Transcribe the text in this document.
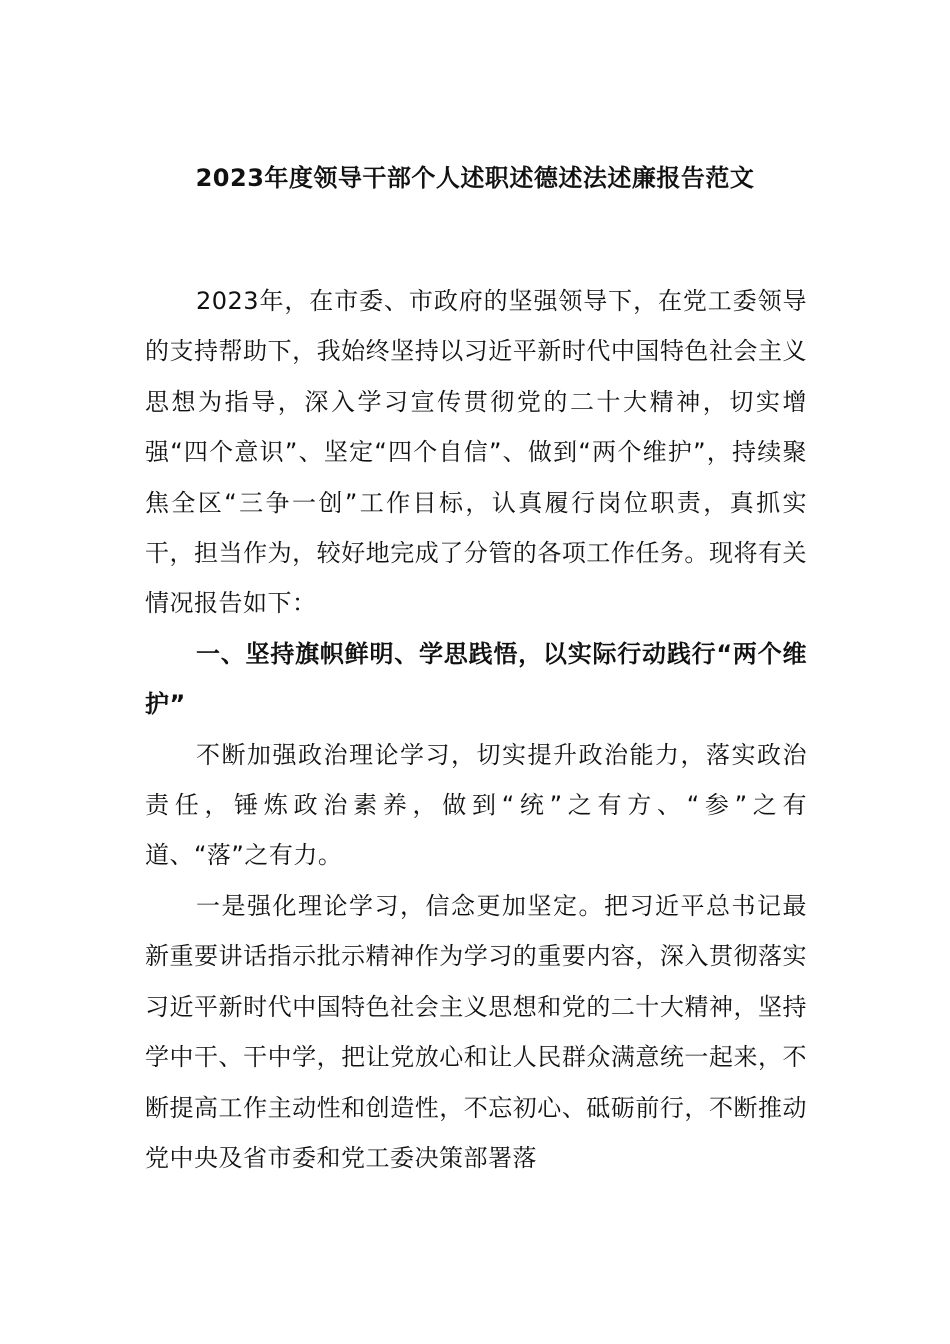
2023年度领导干部个人述职述德述法述廉报告范文

2023年，在市委、市政府的坚强领导下，在党工委领导的支持帮助下，我始终坚持以习近平新时代中国特色社会主义思想为指导，深入学习宣传贯彻党的二十大精神，切实增强“四个意识”、坚定“四个自信”、做到“两个维护”，持续聚焦全区“三争一创”工作目标，认真履行岗位职责，真抓实干，担当作为，较好地完成了分管的各项工作任务。现将有关情况报告如下：

一、坚持旗帜鲜明、学思践悟，以实际行动践行“两个维护”

不断加强政治理论学习，切实提升政治能力，落实政治责任，锤炼政治素养，做到“统”之有方、“参”之有道、“落”之有力。

一是强化理论学习，信念更加坚定。把习近平总书记最新重要讲话指示批示精神作为学习的重要内容，深入贯彻落实习近平新时代中国特色社会主义思想和党的二十大精神，坚持学中干、干中学，把让党放心和让人民群众满意统一起来，不断提高工作主动性和创造性，不忘初心、砥砺前行，不断推动党中央及省市委和党工委决策部署落
